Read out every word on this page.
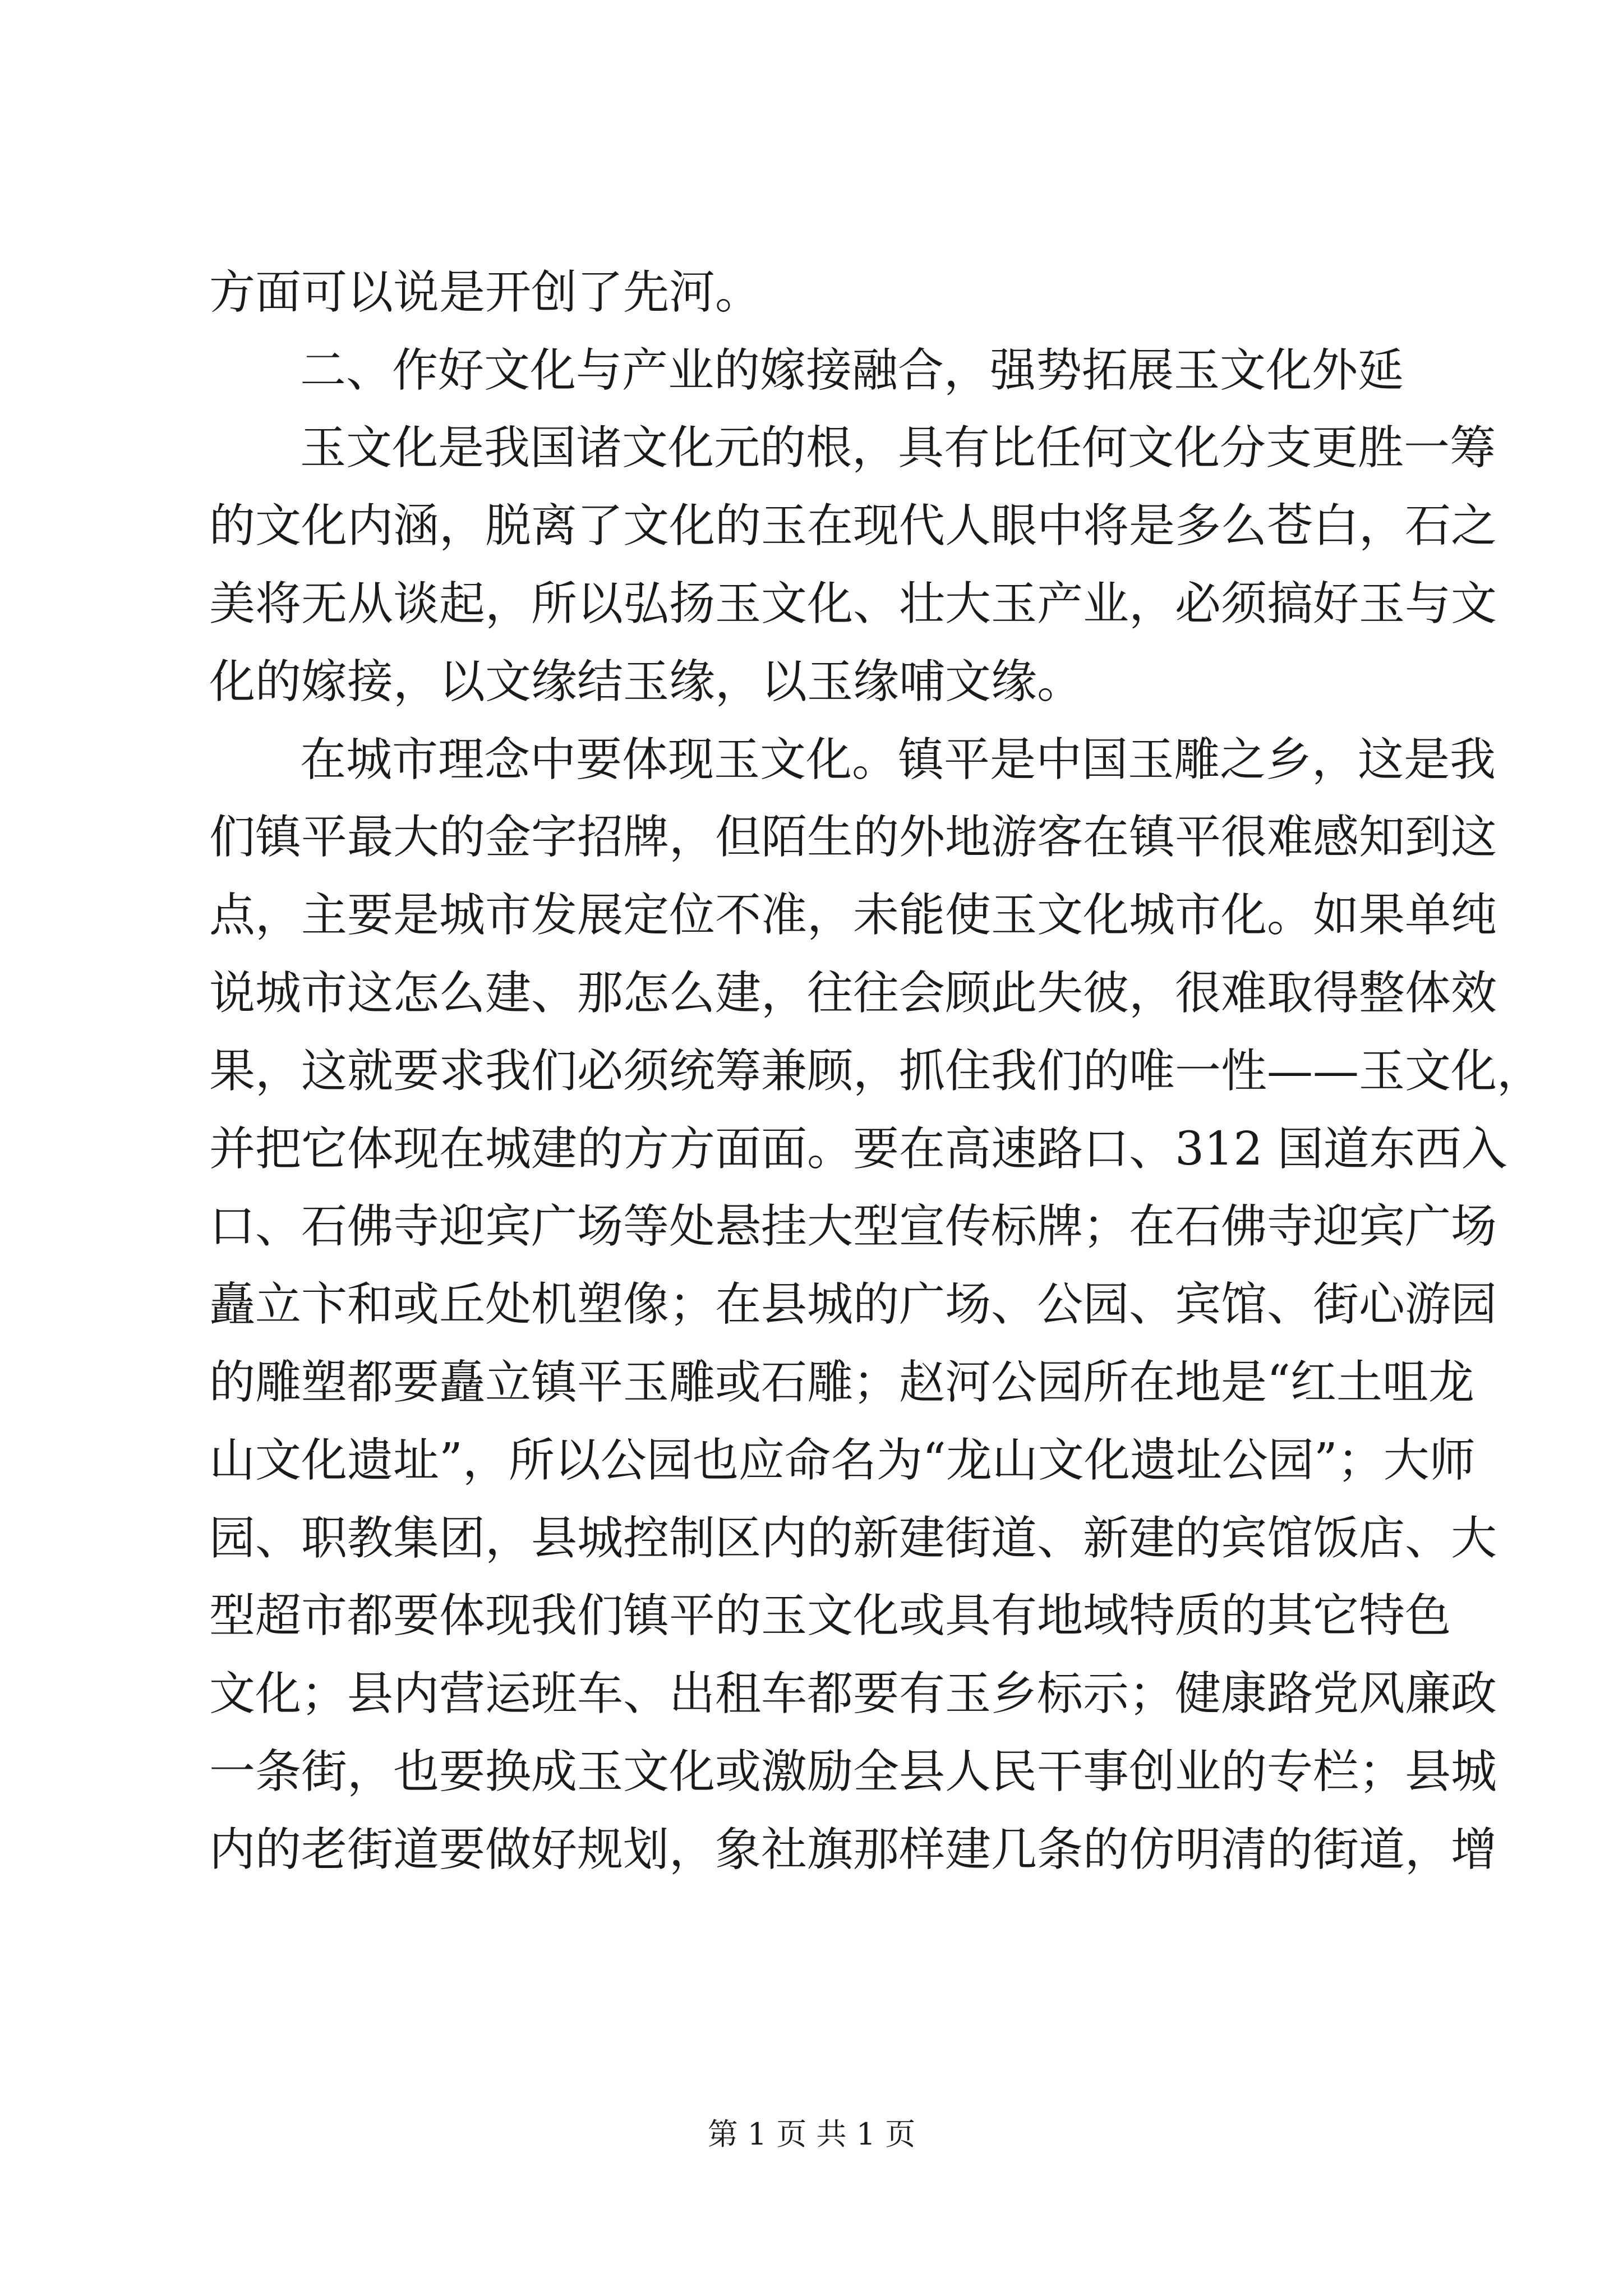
方面可以说是开创了先河。

二、作好文化与产业的嫁接融合，强势拓展玉文化外延

玉文化是我国诸文化元的根，具有比任何文化分支更胜一筹

的文化内涵，脱离了文化的玉在现代人眼中将是多么苍白，石之

美将无从谈起，所以弘扬玉文化、壮大玉产业，必须搞好玉与文

化的嫁接，以文缘结玉缘，以玉缘哺文缘。

在城市理念中要体现玉文化。镇平是中国玉雕之乡，这是我

们镇平最大的金字招牌，但陌生的外地游客在镇平很难感知到这

点，主要是城市发展定位不准，未能使玉文化城市化。如果单纯

说城市这怎么建、那怎么建，往往会顾此失彼，很难取得整体效

果，这就要求我们必须统筹兼顾，抓住我们的唯一性——玉文化，

并把它体现在城建的方方面面。要在高速路口、312 国道东西入

口、石佛寺迎宾广场等处悬挂大型宣传标牌；在石佛寺迎宾广场

矗立卞和或丘处机塑像；在县城的广场、公园、宾馆、街心游园

的雕塑都要矗立镇平玉雕或石雕；赵河公园所在地是“红土咀龙

山文化遗址”，所以公园也应命名为“龙山文化遗址公园”；大师

园、职教集团，县城控制区内的新建街道、新建的宾馆饭店、大

型超市都要体现我们镇平的玉文化或具有地域特质的其它特色

文化；县内营运班车、出租车都要有玉乡标示；健康路党风廉政

一条街，也要换成玉文化或激励全县人民干事创业的专栏；县城

内的老街道要做好规划，象社旗那样建几条的仿明清的街道，增

第 1 页 共 1 页
